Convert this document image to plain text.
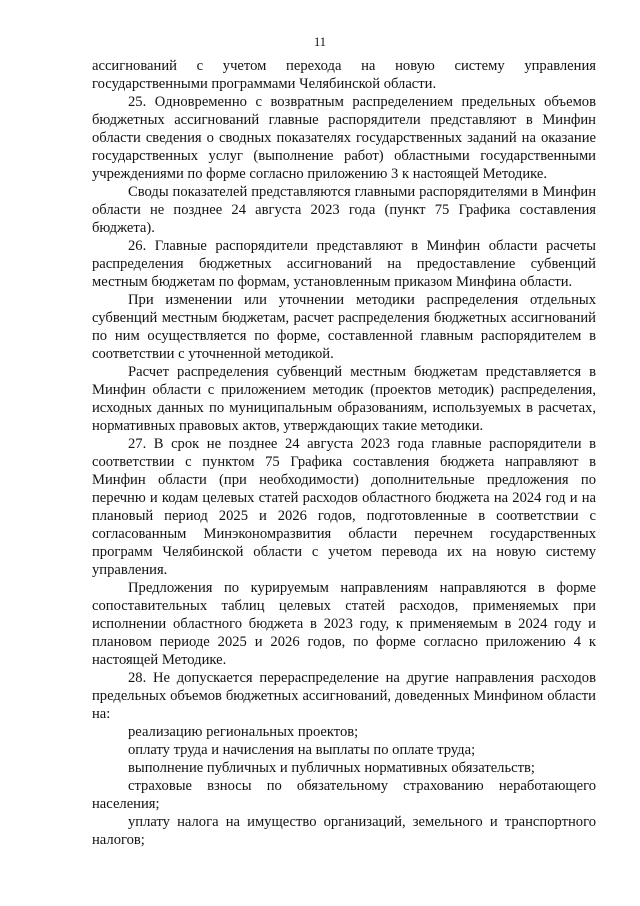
11

ассигнований с учетом перехода на новую систему управления государственными программами Челябинской области.

25. Одновременно с возвратным распределением предельных объемов бюджетных ассигнований главные распорядители представляют в Минфин области сведения о сводных показателях государственных заданий на оказание государственных услуг (выполнение работ) областными государственными учреждениями по форме согласно приложению 3 к настоящей Методике.

Своды показателей представляются главными распорядителями в Минфин области не позднее 24 августа 2023 года (пункт 75 Графика составления бюджета).

26. Главные распорядители представляют в Минфин области расчеты распределения бюджетных ассигнований на предоставление субвенций местным бюджетам по формам, установленным приказом Минфина области.

При изменении или уточнении методики распределения отдельных субвенций местным бюджетам, расчет распределения бюджетных ассигнований по ним осуществляется по форме, составленной главным распорядителем в соответствии с уточненной методикой.

Расчет распределения субвенций местным бюджетам представляется в Минфин области с приложением методик (проектов методик) распределения, исходных данных по муниципальным образованиям, используемых в расчетах, нормативных правовых актов, утверждающих такие методики.

27. В срок не позднее 24 августа 2023 года главные распорядители в соответствии с пунктом 75 Графика составления бюджета направляют в Минфин области (при необходимости) дополнительные предложения по перечню и кодам целевых статей расходов областного бюджета на 2024 год и на плановый период 2025 и 2026 годов, подготовленные в соответствии с согласованным Минэкономразвития области перечнем государственных программ Челябинской области с учетом перевода их на новую систему управления.

Предложения по курируемым направлениям направляются в форме сопоставительных таблиц целевых статей расходов, применяемых при исполнении областного бюджета в 2023 году, к применяемым в 2024 году и плановом периоде 2025 и 2026 годов, по форме согласно приложению 4 к настоящей Методике.

28. Не допускается перераспределение на другие направления расходов предельных объемов бюджетных ассигнований, доведенных Минфином области на:

реализацию региональных проектов;

оплату труда и начисления на выплаты по оплате труда;

выполнение публичных и публичных нормативных обязательств;

страховые взносы по обязательному страхованию неработающего населения;

уплату налога на имущество организаций, земельного и транспортного налогов;
